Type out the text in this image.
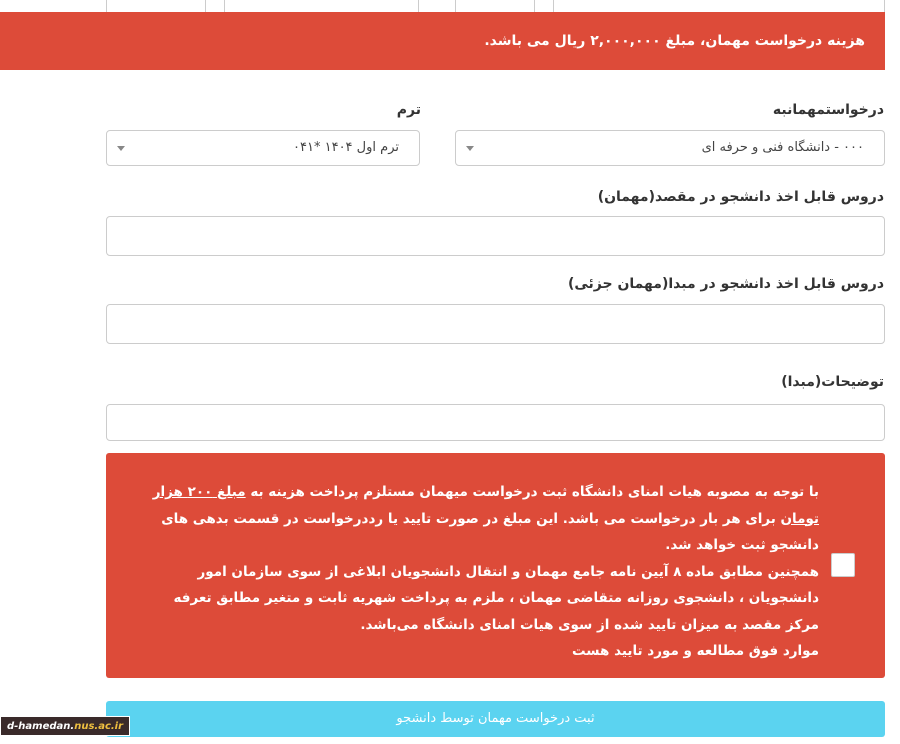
هزینه درخواست مهمان، مبلغ ۲,۰۰۰,۰۰۰ ریال می باشد.
درخواستمهمانبه
ترم
ترم اول ۱۴۰۴ *۰۴۱	۰۰۰ - دانشگاه فنی و حرفه ای
دروس قابل اخذ دانشجو در مقصد(مهمان)
دروس قابل اخذ دانشجو در مبدا(مهمان جزئی)
توضیحات(مبدا)
با توجه به مصوبه هیات امنای دانشگاه ثبت درخواست میهمان مستلزم پرداخت هزینه به مبلغ ۲۰۰ هزار تومان برای هر بار درخواست می باشد. این مبلغ در صورت تایید یا رددرخواست در قسمت بدهی های دانشجو ثبت خواهد شد.
همچنین مطابق ماده ۸ آیین نامه جامع مهمان و انتقال دانشجویان ابلاغی از سوی سازمان امور دانشجویان ، دانشجوی روزانه متقاضی مهمان ، ملزم به پرداخت شهریه ثابت و متغیر مطابق تعرفه مرکز مقصد به میزان تایید شده از سوی هیات امنای دانشگاه می‌باشد.
موارد فوق مطالعه و مورد تایید هست
ثبت درخواست مهمان توسط دانشجو
d-hamedan.nus.ac.ir
